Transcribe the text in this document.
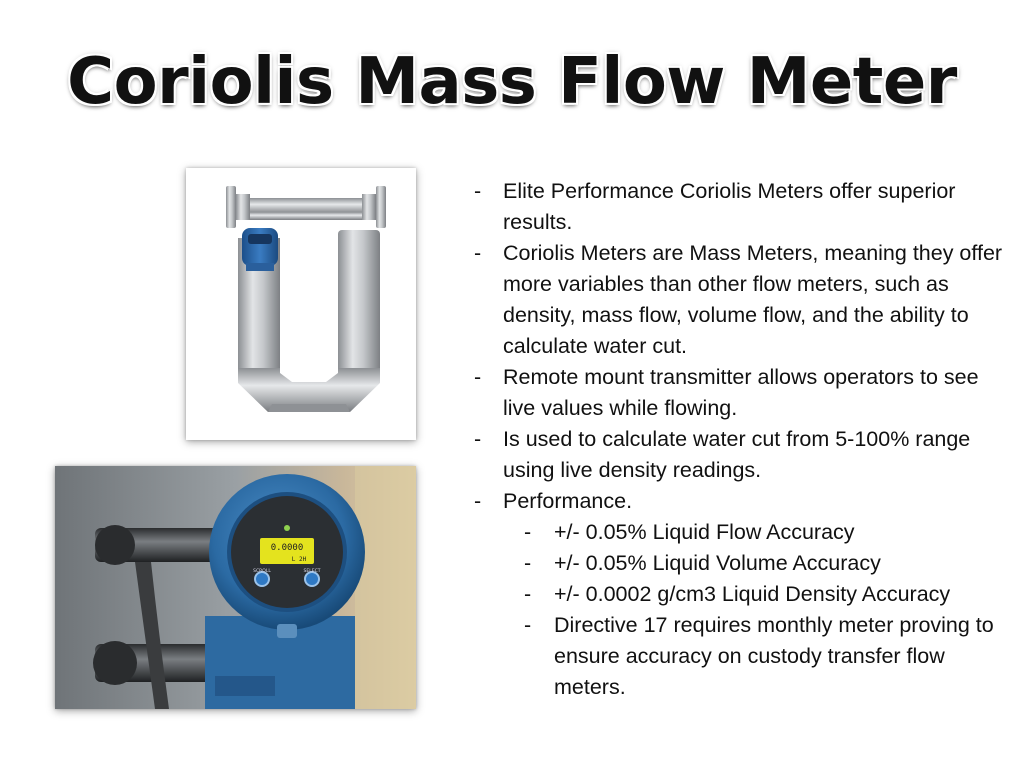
Coriolis Mass Flow Meter
0.0000
L 2H
SCROLL	SELECT
- Elite Performance Coriolis Meters offer superior results.
- Coriolis Meters are Mass Meters, meaning they offer more variables than other flow meters, such as density, mass flow, volume flow, and the ability to calculate water cut.
- Remote mount transmitter allows operators to see live values while flowing.
- Is used to calculate water cut from 5-100% range using live density readings.
- Performance.
- +/- 0.05% Liquid Flow Accuracy
- +/- 0.05% Liquid Volume Accuracy
- +/- 0.0002 g/cm3 Liquid Density Accuracy
- Directive 17 requires monthly meter proving to ensure accuracy on custody transfer flow meters.
